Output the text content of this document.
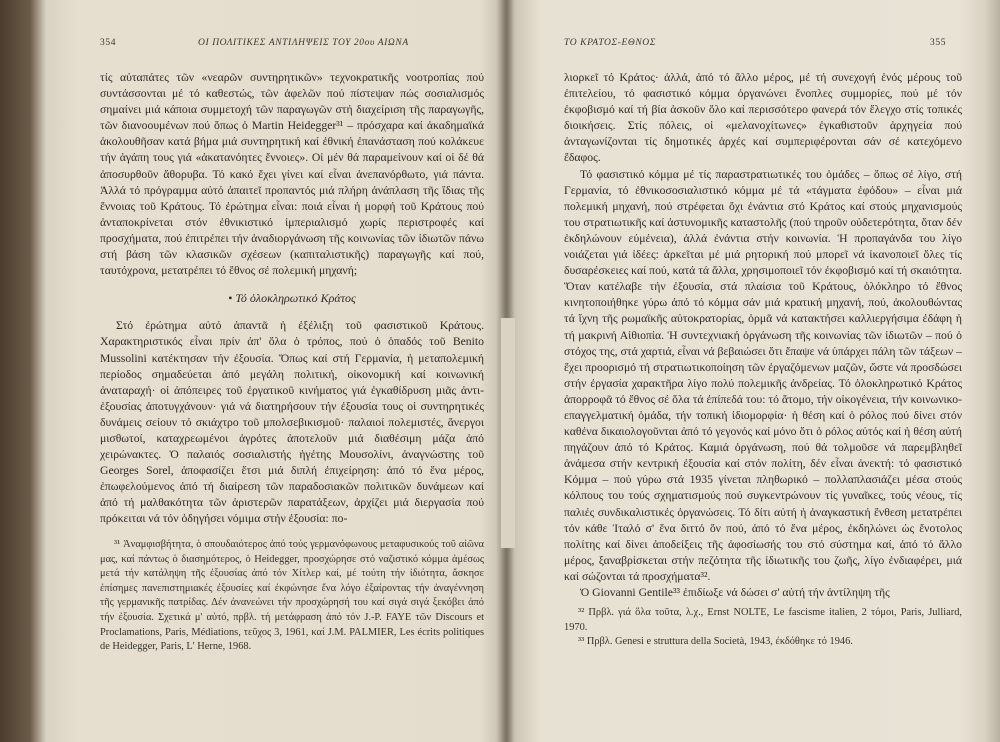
354	ΟΙ ΠΟΛΙΤΙΚΕΣ ΑΝΤΙΛΗΨΕΙΣ ΤΟΥ 20ου ΑΙΩΝΑ

τίς αὐταπάτες τῶν «νεαρῶν συντηρητικῶν» τεχνοκρατικῆς νοοτροπίας πού συντάσσονται μέ τό καθεστώς, τῶν ἀφελῶν πού πίστεψαν πώς σοσιαλισμός σημαίνει μιά κάποια συμμετοχή τῶν παραγωγῶν στή διαχείριση τῆς παραγωγῆς, τῶν διανοουμένων πού ὅπως ὁ Martin Heidegger³¹ – πρόσχαρα καί ἀκαδημαϊκά ἀκολουθῆσαν κατά βήμα μιά συντηρητική καί ἐθνική ἐπανάσταση πού κολάκευε τήν ἀγάπη τους γιά «ἀκατανόητες ἔννοιες». Οἱ μέν θά παραμείνουν καί οἱ δέ θά ἀποσυρθοῦν ἄθορυβα. Τό κακό ἔχει γίνει καί εἶναι ἀνεπανόρθωτο, γιά πάντα. Ἀλλά τό πρόγραμμα αὐτό ἀπαιτεῖ προπαντός μιά πλήρη ἀνάπλαση τῆς ἴδιας τῆς ἔννοιας τοῦ Κράτους. Τό ἐρώτημα εἶναι: ποιά εἶναι ἡ μορφή τοῦ Κράτους πού ἀνταποκρίνεται στόν ἐθνικιστικό ἰμπεριαλισμό χωρίς περιστροφές καί προσχήματα, πού ἐπιτρέπει τήν ἀναδιοργάνωση τῆς κοινωνίας τῶν ἰδιωτῶν πάνω στή βάση τῶν κλασικῶν σχέσεων (καπιταλιστικῆς) παραγωγῆς καί πού, ταυτόχρονα, μετατρέπει τό ἔθνος σέ πολεμική μηχανή;

• Τό ὁλοκληρωτικό Κράτος

Στό ἐρώτημα αὐτό ἀπαντᾶ ἡ ἐξέλιξη τοῦ φασιστικοῦ Κράτους. Χαρακτηριστικός εἶναι πρίν ἀπ' ὅλα ὁ τρόπος, πού ὁ ὁπαδός τοῦ Benito Mussolini κατέκτησαν τήν ἐξουσία. Ὅπως καί στή Γερμανία, ἡ μεταπολεμική περίοδος σημαδεύεται ἀπό μεγάλη πολιτική, οἰκονομική καί κοινωνική ἀναταραχή· οἱ ἀπόπειρες τοῦ ἐργατικοῦ κινήματος γιά ἐγκαθίδρυση μιᾶς ἀντι-ἐξουσίας ἀποτυγχάνουν· γιά νά διατηρήσουν τήν ἐξουσία τους οἱ συντηρητικές δυνάμεις σείουν τό σκιάχτρο τοῦ μπολσεβικισμοῦ· παλαιοί πολεμιστές, ἄνεργοι μισθωτοί, καταχρεωμένοι ἀγρότες ἀποτελοῦν μιά διαθέσιμη μάζα ἀπό χειρώνακτες. Ὁ παλαιός σοσιαλιστής ἡγέτης Μουσολίνι, ἀναγνώστης τοῦ Georges Sorel, ἀποφασίζει ἔτσι μιά διπλή ἐπιχείρηση: ἀπό τό ἕνα μέρος, ἐπωφελούμενος ἀπό τή διαίρεση τῶν παραδοσιακῶν πολιτικῶν δυνάμεων καί ἀπό τή μαλθακότητα τῶν ἀριστερῶν παρατάξεων, ἀρχίζει μιά διεργασία πού πρόκειται νά τόν ὁδηγήσει νόμιμα στήν ἐξουσία: πο-

³¹ Ἀναμφισβήτητα, ὁ σπουδαιότερος ἀπό τούς γερμανόφωνους μεταφυσικούς τοῦ αἰῶνα μας, καί πάντως ὁ διασημότερος, ὁ Heidegger, προσχώρησε στό ναζιστικό κόμμα ἀμέσως μετά τήν κατάληψη τῆς ἐξουσίας ἀπό τόν Χίτλερ καί, μέ τούτη τήν ἰδιότητα, ἄσκησε ἐπίσημες πανεπιστημιακές ἐξουσίες καί ἐκφώνησε ἕνα λόγο ἐξαίροντας τήν ἀναγέννηση τῆς γερμανικῆς πατρίδας. Δέν ἀνανεώνει τήν προσχώρησή του καί σιγά σιγά ξεκόβει ἀπό τήν ἐξουσία. Σχετικά μ' αὐτό, πρβλ. τή μετάφραση ἀπό τόν J.-P. FAYE τῶν Discours et Proclamations, Paris, Médiations, τεῦχος 3, 1961, καί J.M. PALMIER, Les écrits politiques de Heidegger, Paris, L' Herne, 1968.

ΤΟ ΚΡΑΤΟΣ-ΕΘΝΟΣ	355

λιορκεῖ τό Κράτος· ἀλλά, ἀπό τό ἄλλο μέρος, μέ τή συνεχογή ἑνός μέρους τοῦ ἐπιτελείου, τό φασιστικό κόμμα ὀργανώνει ἔνοπλες συμμορίες, πού μέ τόν ἐκφοβισμό καί τή βία ἀσκοῦν ὅλο καί περισσότερο φανερά τόν ἔλεγχο στίς τοπικές διοικήσεις. Στίς πόλεις, οἱ «μελανοχίτωνες» ἐγκαθιστοῦν ἀρχηγεία πού ἀνταγωνίζονται τίς δημοτικές ἀρχές καί συμπεριφέρονται σάν σέ κατεχόμενο ἔδαφος.

Τό φασιστικό κόμμα μέ τίς παραστρατιωτικές του ὁμάδες – ὅπως σέ λίγο, στή Γερμανία, τό ἐθνικοσοσιαλιστικό κόμμα μέ τά «τάγματα ἐφόδου» – εἶναι μιά πολεμική μηχανή, πού στρέφεται ὄχι ἐνάντια στό Κράτος καί στούς μηχανισμούς του στρατιωτικῆς καί ἀστυνομικῆς καταστολῆς (πού τηροῦν οὐδετερότητα, ὅταν δέν ἐκδηλώνουν εὐμένεια), ἀλλά ἐνάντια στήν κοινωνία. Ἡ προπαγάνδα του λίγο νοιάζεται γιά ἰδέες: ἀρκεῖται μέ μιά ρητορική πού μπορεῖ νά ἱκανοποιεῖ ὅλες τίς δυσαρέσκειες καί πού, κατά τά ἄλλα, χρησιμοποιεῖ τόν ἐκφοβισμό καί τή σκαιότητα. Ὅταν κατέλαβε τήν ἐξουσία, στά πλαίσια τοῦ Κράτους, ὁλόκληρο τό ἔθνος κινητοποιήθηκε γύρω ἀπό τό κόμμα σάν μιά κρατική μηχανή, πού, ἀκολουθώντας τά ἴχνη τῆς ρωμαϊκῆς αὐτοκρατορίας, ὁρμᾶ νά κατακτήσει καλλιεργήσιμα ἐδάφη ἡ τή μακρινή Αἰθιοπία. Ἡ συντεχνιακή ὀργάνωση τῆς κοινωνίας τῶν ἰδιωτῶν – πού ὁ στόχος της, στά χαρτιά, εἶναι νά βεβαιώσει ὅτι ἔπαψε νά ὑπάρχει πάλη τῶν τάξεων – ἔχει προορισμό τή στρατιωτικοποίηση τῶν ἐργαζόμενων μαζῶν, ὥστε νά προσδώσει στήν ἐργασία χαρακτῆρα λίγο πολύ πολεμικῆς ἀνδρείας. Τό ὁλοκληρωτικό Κράτος ἀπορροφᾶ τό ἔθνος σέ ὅλα τά ἐπίπεδά του: τό ἄτομο, τήν οἰκογένεια, τήν κοινωνικο-επαγγελματική ὁμάδα, τήν τοπική ἰδιομορφία· ἡ θέση καί ὁ ρόλος πού δίνει στόν καθένα δικαιολογοῦνται ἀπό τό γεγονός καί μόνο ὅτι ὁ ρόλος αὐτός καί ἡ θέση αὐτή πηγάζουν ἀπό τό Κράτος. Καμιά ὀργάνωση, πού θά τολμοῦσε νά παρεμβληθεῖ ἀνάμεσα στήν κεντρική ἐξουσία καί στόν πολίτη, δέν εἶναι ἀνεκτή: τό φασιστικό Κόμμα – πού γύρω στά 1935 γίνεται πληθωρικό – πολλαπλασιάζει μέσα στούς κόλπους του τούς σχηματισμούς πού συγκεντρώνουν τίς γυναῖκες, τούς νέους, τίς παλιές συνδικαλιστικές ὀργανώσεις. Τό δίτι αὐτή ἡ ἀναγκαστική ἔνθεση μετατρέπει τόν κάθε Ἰταλό σ' ἕνα διττό ὄν πού, ἀπό τό ἕνα μέρος, ἐκδηλώνει ὡς ἔνοτολος πολίτης καί δίνει ἀποδείξεις τῆς ἀφοσίωσής του στό σύστημα καί, ἀπό τό ἄλλο μέρος, ξαναβρίσκεται στήν πεζότητα τῆς ἰδιωτικῆς του ζωῆς, λίγο ἐνδιαφέρει, μιά καί σώζονται τά προσχήματα³².

Ὁ Giovanni Gentile³³ ἐπιδίωξε νά δώσει σ' αὐτή τήν ἀντίληψη τῆς

³² Πρβλ. γιά ὅλα τοῦτα, λ.χ., Ernst NOLTE, Le fascisme italien, 2 τόμοι, Paris, Julliard, 1970.

³³ Πρβλ. Genesi e struttura della Società, 1943, ἐκδόθηκε τό 1946.
